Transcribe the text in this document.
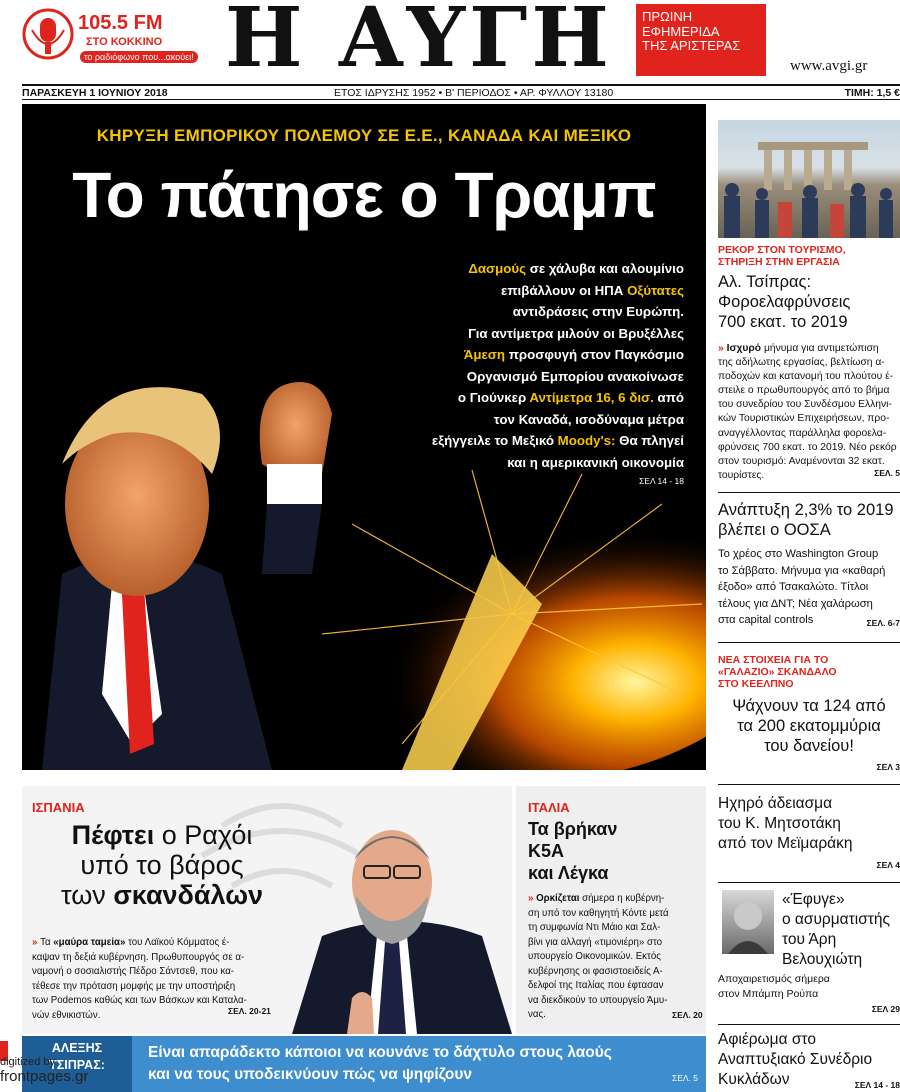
105.5 FM
ΣΤΟ ΚΟΚΚΙΝΟ
το ραδιόφωνο που...ακούει! Η ΑΥΓΗ	ΠΡΩΙΝΗ
ΕΦΗΜΕΡΙΔΑ
ΤΗΣ ΑΡΙΣΤΕΡΑΣ
www.avgi.gr
ΠΑΡΑΣΚΕΥΗ 1 ΙΟΥΝΙΟΥ 2018	ΕΤΟΣ ΙΔΡΥΣΗΣ 1952 • Β' ΠΕΡΙΟΔΟΣ • ΑΡ. ΦΥΛΛΟΥ 13180	ΤΙΜΗ: 1,5 €
ΚΗΡΥΞΗ ΕΜΠΟΡΙΚΟΥ ΠΟΛΕΜΟΥ ΣΕ Ε.Ε., ΚΑΝΑΔΑ ΚΑΙ ΜΕΞΙΚΟ
Το πάτησε ο Τραμπ
Δασμούς σε χάλυβα και αλουμίνιο
επιβάλλουν οι ΗΠΑ Οξύτατες
αντιδράσεις στην Ευρώπη.
Για αντίμετρα μιλούν οι Βρυξέλλες
Άμεση προσφυγή στον Παγκόσμιο
Οργανισμό Εμπορίου ανακοίνωσε
ο Γιούνκερ Αντίμετρα 16, 6 δισ. από
τον Καναδά, ισοδύναμα μέτρα
εξήγγειλε το Μεξικό Moody's: Θα πληγεί
και η αμερικανική οικονομία
ΣΕΛ 14 - 18
ΡΕΚΟΡ ΣΤΟΝ ΤΟΥΡΙΣΜΟ,
ΣΤΗΡΙΞΗ ΣΤΗΝ ΕΡΓΑΣΙΑ
Αλ. Τσίπρας:
Φοροελαφρύνσεις
700 εκατ. το 2019
» Ισχυρό μήνυμα για αντιμετώπιση
της αδήλωτης εργασίας, βελτίωση α-
ποδοχών και κατανομή του πλούτου έ-
στειλε ο πρωθυπουργός από το βήμα
του συνεδρίου του Συνδέσμου Ελληνι-
κών Τουριστικών Επιχειρήσεων, προ-
αναγγέλλοντας παράλληλα φοροελα-
φρύνσεις 700 εκατ. το 2019. Νέο ρεκόρ
στον τουρισμό: Αναμένονται 32 εκατ.
τουρίστες.	ΣΕΛ. 5
Ανάπτυξη 2,3% το 2019
βλέπει ο ΟΟΣΑ
Το χρέος στο Washington Group
το Σάββατο. Μήνυμα για «καθαρή
έξοδο» από Τσακαλώτο. Τίτλοι
τέλους για ΔΝΤ; Νέα χαλάρωση
στα capital controls	ΣΕΛ. 6-7
ΝΕΑ ΣΤΟΙΧΕΙΑ ΓΙΑ ΤΟ
«ΓΑΛΑΖΙΟ» ΣΚΑΝΔΑΛΟ
ΣΤΟ ΚΕΕΛΠΝΟ
Ψάχνουν τα 124 από
τα 200 εκατομμύρια
του δανείου!
ΣΕΛ 3
Ηχηρό άδειασμα
του Κ. Μητσοτάκη
από τον Μεϊμαράκη
ΣΕΛ 4
«Έφυγε»
ο ασυρματιστής
του Άρη
Βελουχιώτη
Αποχαιρετισμός σήμερα
στον Μπάμπη Ρούπα
ΣΕΛ 29
Αφιέρωμα στο
Αναπτυξιακό Συνέδριο
Κυκλάδων	ΣΕΛ 14 - 18
ΙΣΠΑΝΙΑ
Πέφτει ο Ραχόι
υπό το βάρος
των σκανδάλων
» Τα «μαύρα ταμεία» του Λαϊκού Κόμματος έ-
καψαν τη δεξιά κυβέρνηση. Πρωθυπουργός σε α-
ναμονή ο σοσιαλιστής Πέδρο Σάντσεθ, που κα-
τέθεσε την πρόταση μομφής με την υποστήριξη
των Podemos καθώς και των Βάσκων και Καταλα-
νών εθνικιστών.	ΣΕΛ. 20-21
ΙΤΑΛΙΑ
Τα βρήκαν
Κ5Α
και Λέγκα
» Ορκίζεται σήμερα η κυβέρνη-
ση υπό τον καθηγητή Κόντε μετά
τη συμφωνία Ντι Μάιο και Σαλ-
βίνι για αλλαγή «τιμονιέρη» στο
υπουργείο Οικονομικών. Εκτός
κυβέρνησης οι φασιστοειδείς Α-
δελφοί της Ιταλίας που έφτασαν
να διεκδικούν το υπουργείο Άμυ-
νας.	ΣΕΛ. 20
ΑΛΕΞΗΣ
ΤΣΙΠΡΑΣ:
Είναι απαράδεκτο κάποιοι να κουνάνε το δάχτυλο στους λαούς
και να τους υποδεικνύουν πώς να ψηφίζουν	ΣΕΛ. 5
digitized by
frontpages.gr
